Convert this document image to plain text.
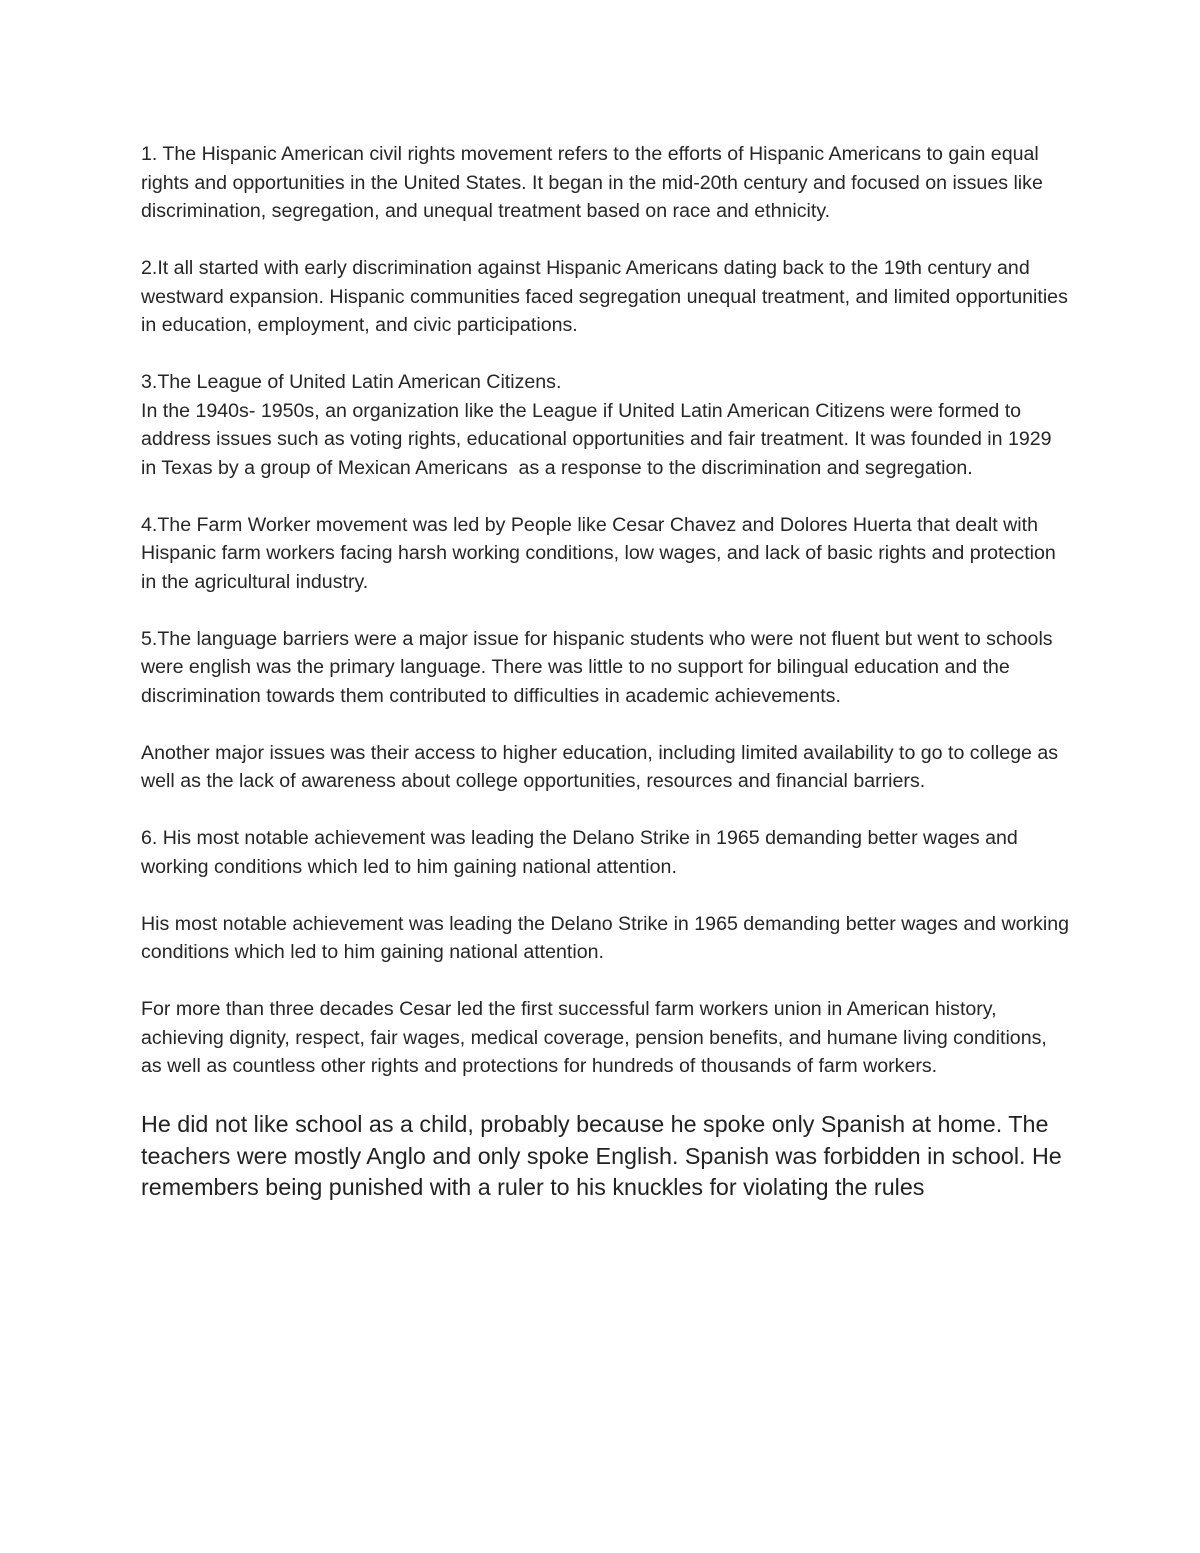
1. The Hispanic American civil rights movement refers to the efforts of Hispanic Americans to gain equal rights and opportunities in the United States. It began in the mid-20th century and focused on issues like discrimination, segregation, and unequal treatment based on race and ethnicity.

2.It all started with early discrimination against Hispanic Americans dating back to the 19th century and westward expansion. Hispanic communities faced segregation unequal treatment, and limited opportunities in education, employment, and civic participations.

3.The League of United Latin American Citizens.
In the 1940s- 1950s, an organization like the League if United Latin American Citizens were formed to address issues such as voting rights, educational opportunities and fair treatment. It was founded in 1929 in Texas by a group of Mexican Americans  as a response to the discrimination and segregation.

4.The Farm Worker movement was led by People like Cesar Chavez and Dolores Huerta that dealt with Hispanic farm workers facing harsh working conditions, low wages, and lack of basic rights and protection in the agricultural industry.

5.The language barriers were a major issue for hispanic students who were not fluent but went to schools were english was the primary language. There was little to no support for bilingual education and the discrimination towards them contributed to difficulties in academic achievements.

Another major issues was their access to higher education, including limited availability to go to college as well as the lack of awareness about college opportunities, resources and financial barriers.

6. His most notable achievement was leading the Delano Strike in 1965 demanding better wages and working conditions which led to him gaining national attention.

His most notable achievement was leading the Delano Strike in 1965 demanding better wages and working conditions which led to him gaining national attention.

For more than three decades Cesar led the first successful farm workers union in American history, achieving dignity, respect, fair wages, medical coverage, pension benefits, and humane living conditions, as well as countless other rights and protections for hundreds of thousands of farm workers.

He did not like school as a child, probably because he spoke only Spanish at home. The teachers were mostly Anglo and only spoke English. Spanish was forbidden in school. He remembers being punished with a ruler to his knuckles for violating the rules
